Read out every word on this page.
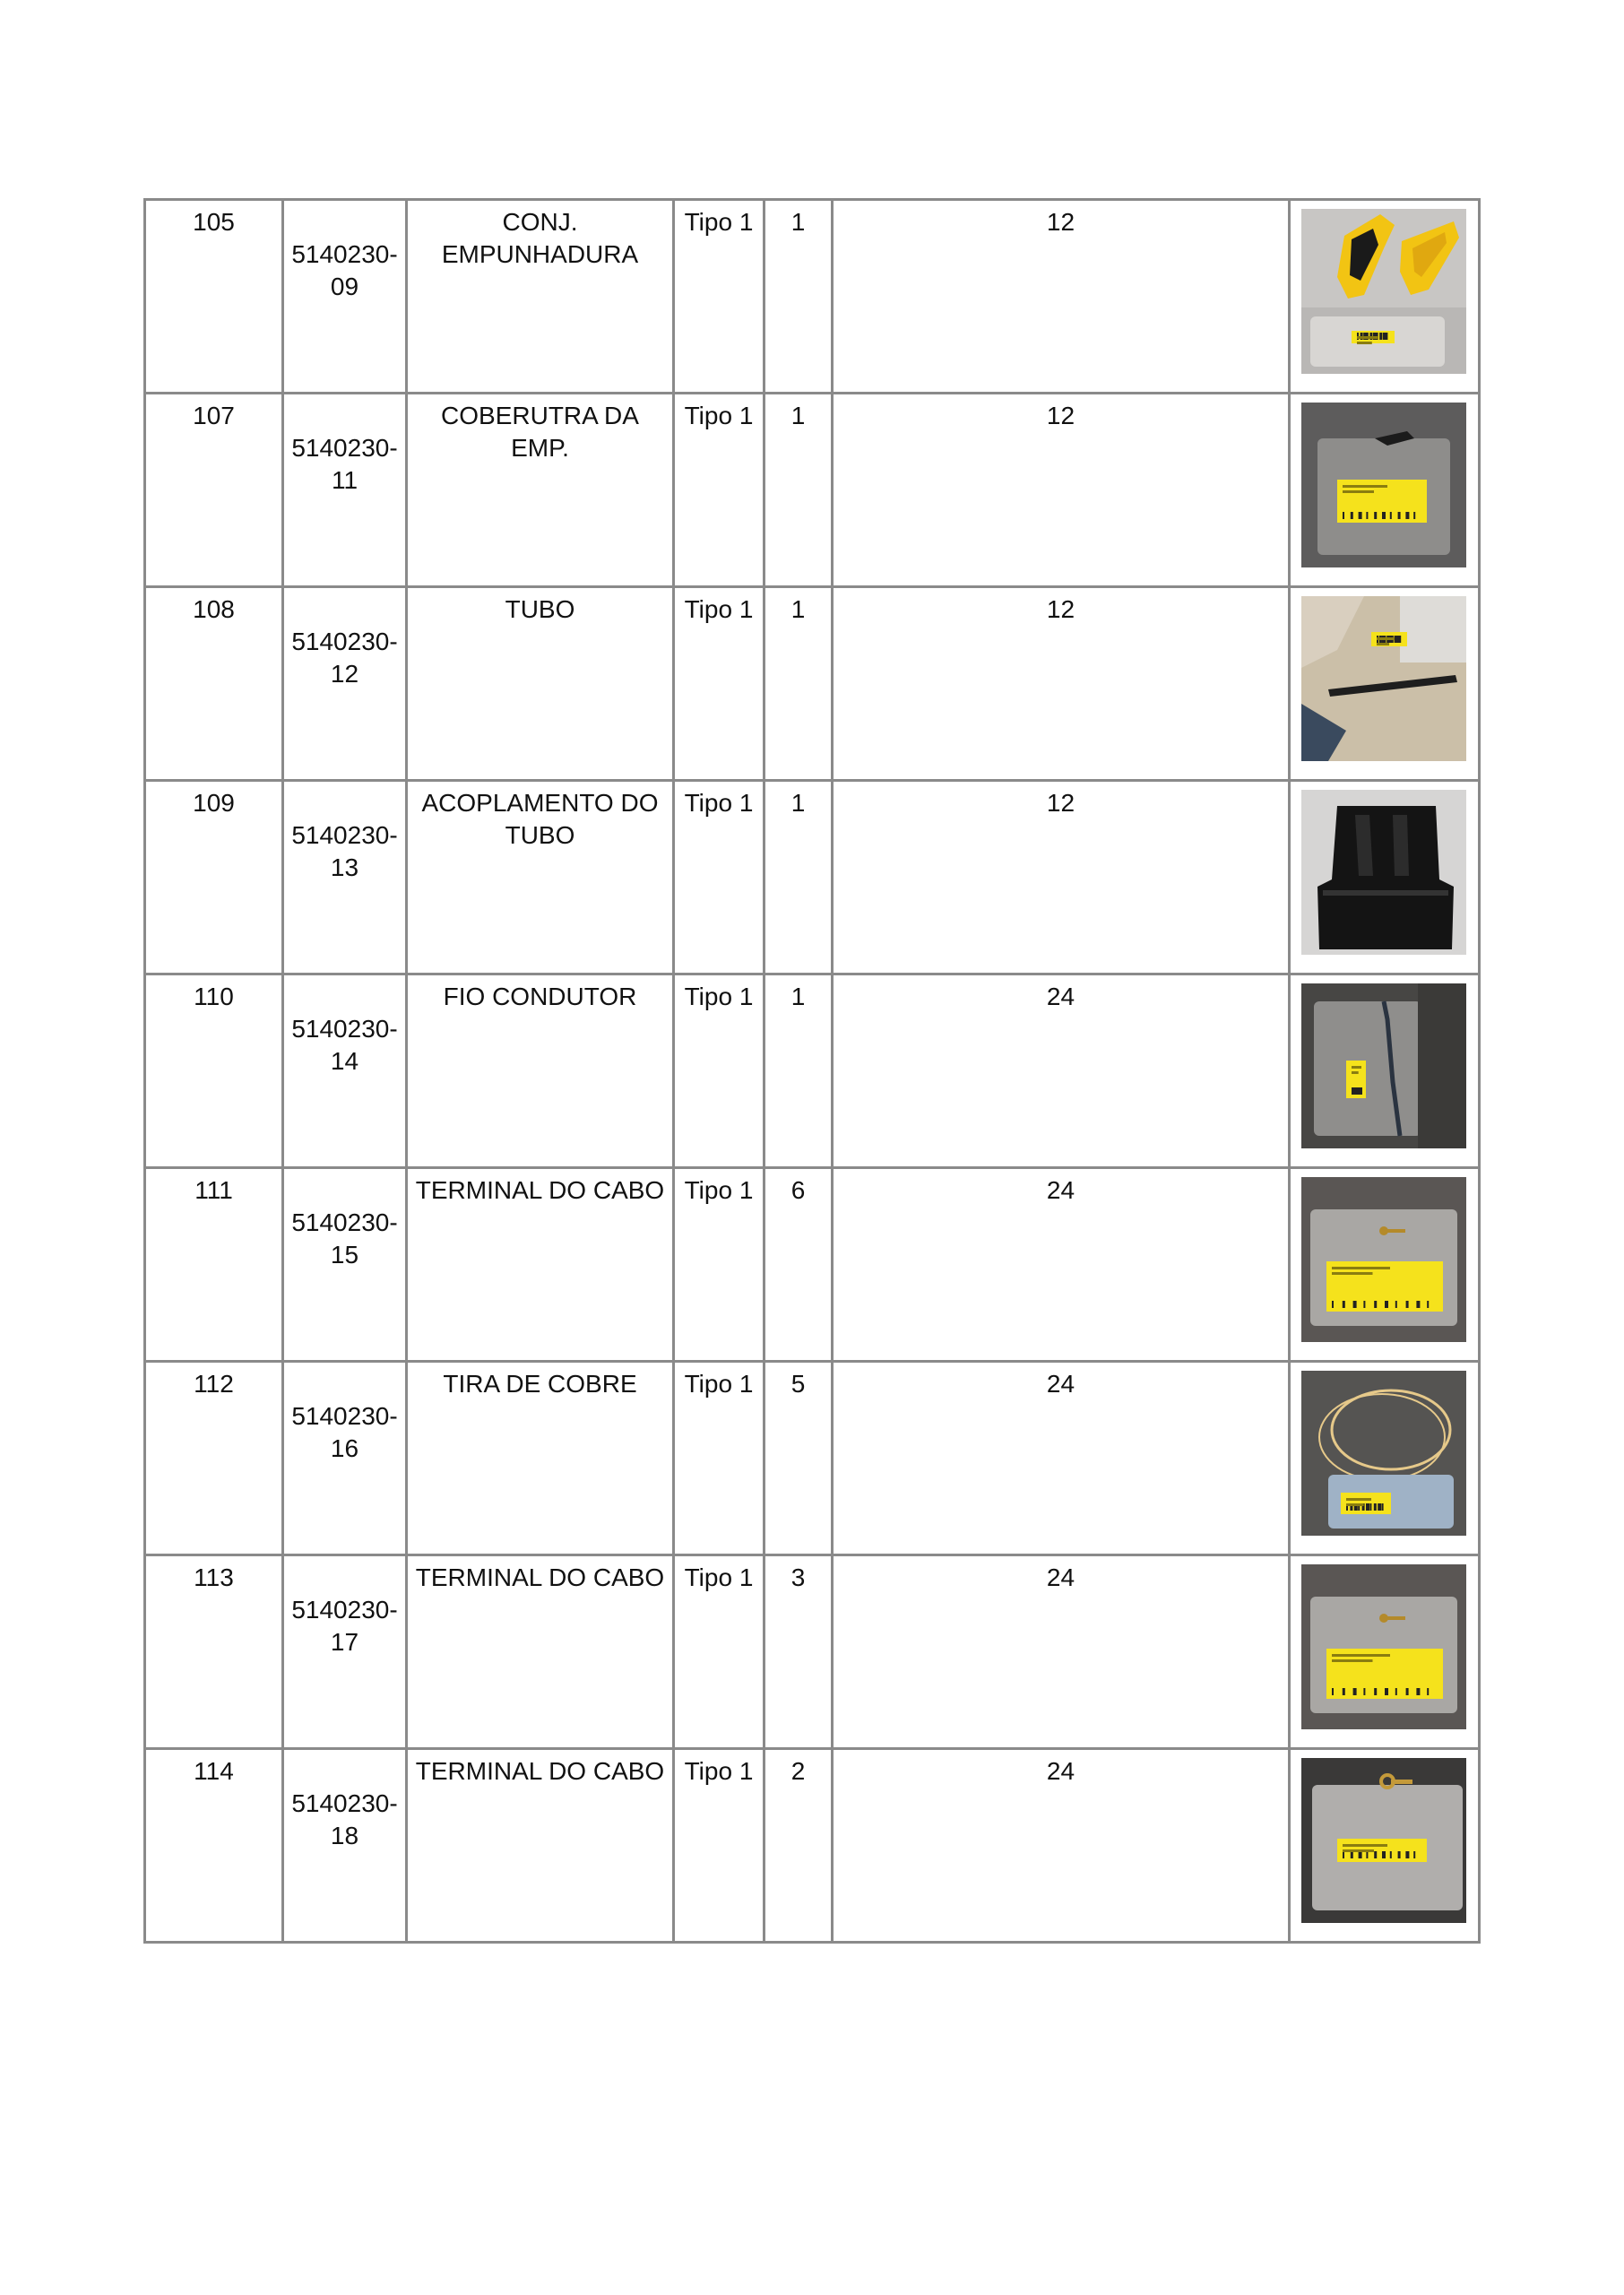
105	5140230-09	CONJ. EMPUNHADURA	Tipo 1	1	12	

107	5140230-11	COBERUTRA DA EMP.	Tipo 1	1	12	

108	5140230-12	TUBO	Tipo 1	1	12	

109	5140230-13	ACOPLAMENTO DO TUBO	Tipo 1	1	12	

110	5140230-14	FIO CONDUTOR	Tipo 1	1	24	

111	5140230-15	TERMINAL DO CABO	Tipo 1	6	24	

112	5140230-16	TIRA DE COBRE	Tipo 1	5	24	

113	5140230-17	TERMINAL DO CABO	Tipo 1	3	24	

114	5140230-18	TERMINAL DO CABO	Tipo 1	2	24	
